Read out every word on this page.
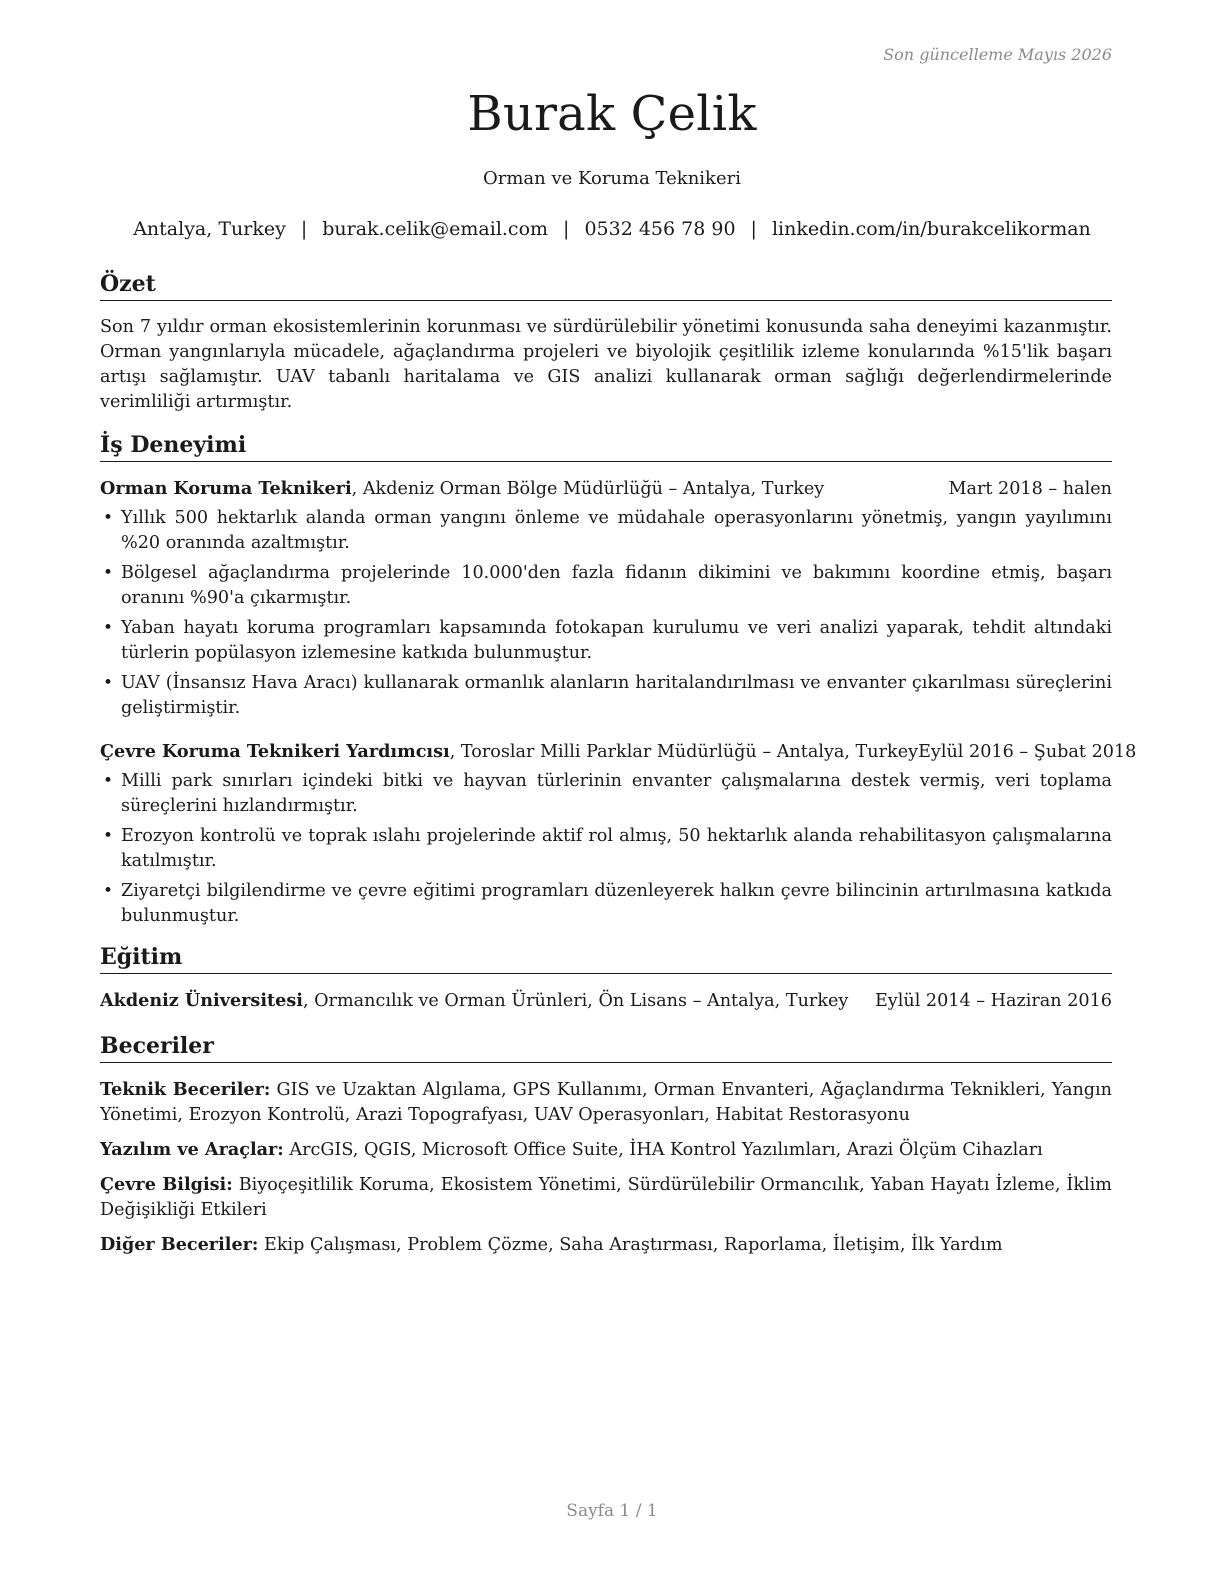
Son güncelleme Mayıs 2026
Burak Çelik
Orman ve Koruma Teknikeri
Antalya, Turkey | burak.celik@email.com | 0532 456 78 90 | linkedin.com/in/burakcelikorman
Özet

Son 7 yıldır orman ekosistemlerinin korunması ve sürdürülebilir yönetimi konusunda saha deneyimi kazanmıştır. Orman yangınlarıyla mücadele, ağaçlandırma projeleri ve biyolojik çeşitlilik izleme konularında %15'lik başarı artışı sağlamıştır. UAV tabanlı haritalama ve GIS analizi kullanarak orman sağlığı değerlendirmelerinde verimliliği artırmıştır.

İş Deneyimi
Orman Koruma Teknikeri, Akdeniz Orman Bölge Müdürlüğü – Antalya, Turkey	Mart 2018 – halen
• Yıllık 500 hektarlık alanda orman yangını önleme ve müdahale operasyonlarını yönetmiş, yangın yayılımını %20 oranında azaltmıştır.
• Bölgesel ağaçlandırma projelerinde 10.000'den fazla fidanın dikimini ve bakımını koordine etmiş, başarı oranını %90'a çıkarmıştır.
• Yaban hayatı koruma programları kapsamında fotokapan kurulumu ve veri analizi yaparak, tehdit altındaki türlerin popülasyon izlemesine katkıda bulunmuştur.
• UAV (İnsansız Hava Aracı) kullanarak ormanlık alanların haritalandırılması ve envanter çıkarılması süreçlerini geliştirmiştir.
Çevre Koruma Teknikeri Yardımcısı, Toroslar Milli Parklar Müdürlüğü – Antalya, Turkey Eylül 2016 – Şubat 2018
• Milli park sınırları içindeki bitki ve hayvan türlerinin envanter çalışmalarına destek vermiş, veri toplama süreçlerini hızlandırmıştır.
• Erozyon kontrolü ve toprak ıslahı projelerinde aktif rol almış, 50 hektarlık alanda rehabilitasyon çalışmalarına katılmıştır.
• Ziyaretçi bilgilendirme ve çevre eğitimi programları düzenleyerek halkın çevre bilincinin artırılmasına katkıda bulunmuştur.
Eğitim
Akdeniz Üniversitesi, Ormancılık ve Orman Ürünleri, Ön Lisans – Antalya, Turkey Eylül 2014 – Haziran 2016
Beceriler
Teknik Beceriler: GIS ve Uzaktan Algılama, GPS Kullanımı, Orman Envanteri, Ağaçlandırma Teknikleri, Yangın Yönetimi, Erozyon Kontrolü, Arazi Topografyası, UAV Operasyonları, Habitat Restorasyonu
Yazılım ve Araçlar: ArcGIS, QGIS, Microsoft Office Suite, İHA Kontrol Yazılımları, Arazi Ölçüm Cihazları
Çevre Bilgisi: Biyoçeşitlilik Koruma, Ekosistem Yönetimi, Sürdürülebilir Ormancılık, Yaban Hayatı İzleme, İklim Değişikliği Etkileri
Diğer Beceriler: Ekip Çalışması, Problem Çözme, Saha Araştırması, Raporlama, İletişim, İlk Yardım
Sayfa 1 / 1
